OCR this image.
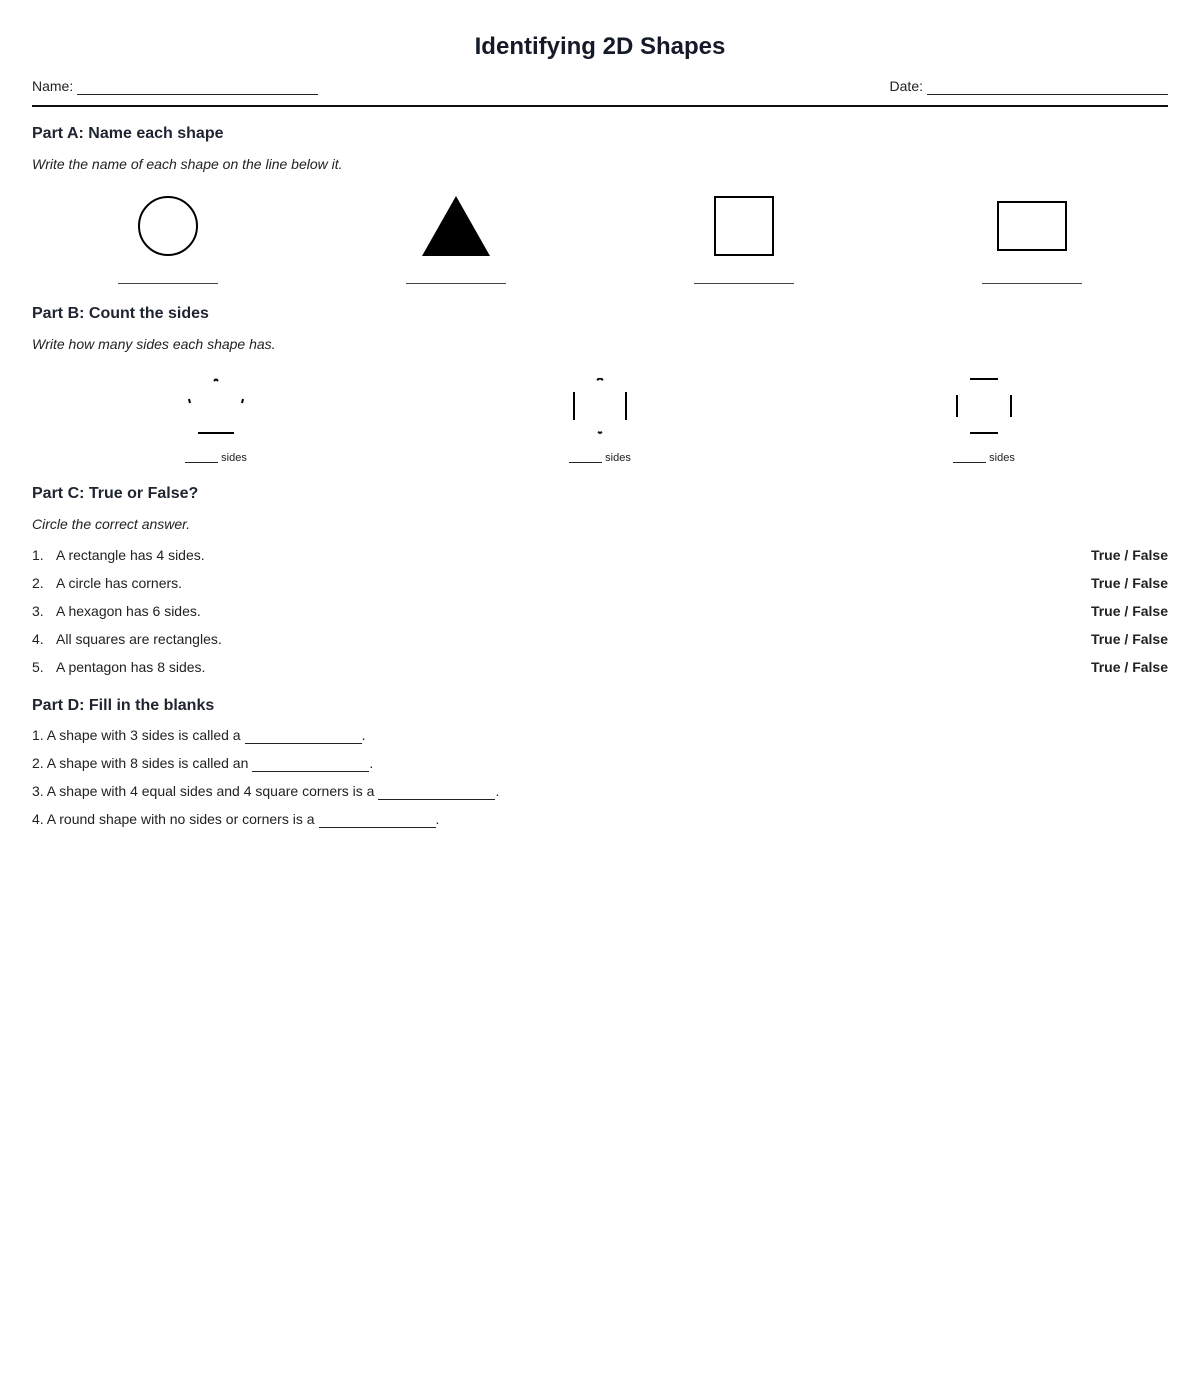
Identifying 2D Shapes
Name:	Date:
Part A: Name each shape

Write the name of each shape on the line below it.

Part B: Count the sides

Write how many sides each shape has.

sides	sides	sides
Part C: True or False?

Circle the correct answer.

1. A rectangle has 4 sides.	True / False
2. A circle has corners.	True / False
3. A hexagon has 6 sides.	True / False
4. All squares are rectangles.	True / False
5. A pentagon has 8 sides.	True / False
Part D: Fill in the blanks
1. A shape with 3 sides is called a	.
2. A shape with 8 sides is called an	.
3. A shape with 4 equal sides and 4 square corners is a	.
4. A round shape with no sides or corners is a	.
